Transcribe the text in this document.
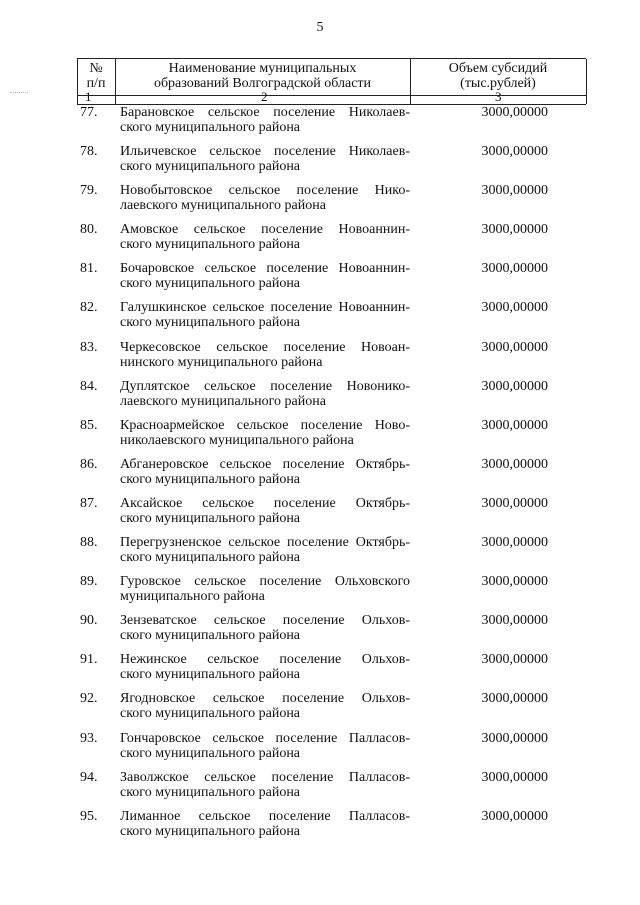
5
№
п/п
Наименование муниципальных
образований Волгоградской области
Объем субсидий
(тыс.рублей)
1	2	3
77. Барановское сельское поселение Николаев-
ского муниципального района
3000,00000
78. Ильичевское сельское поселение Николаев-
ского муниципального района
3000,00000
79. Новобытовское сельское поселение Нико-
лаевского муниципального района
3000,00000
80. Амовское сельское поселение Новоаннин-
ского муниципального района
3000,00000
81. Бочаровское сельское поселение Новоаннин-
ского муниципального района
3000,00000
82. Галушкинское сельское поселение Новоаннин-
ского муниципального района
3000,00000
83. Черкесовское сельское поселение Новоан-
нинского муниципального района
3000,00000
84. Дуплятское сельское поселение Новонико-
лаевского муниципального района
3000,00000
85. Красноармейское сельское поселение Ново-
николаевского муниципального района
3000,00000
86. Абганеровское сельское поселение Октябрь-
ского муниципального района
3000,00000
87. Аксайское сельское поселение Октябрь-
ского муниципального района
3000,00000
88. Перегрузненское сельское поселение Октябрь-
ского муниципального района
3000,00000
89. Гуровское сельское поселение Ольховского
муниципального района
3000,00000
90. Зензеватское сельское поселение Ольхов-
ского муниципального района
3000,00000
91. Нежинское сельское поселение Ольхов-
ского муниципального района
3000,00000
92. Ягодновское сельское поселение Ольхов-
ского муниципального района
3000,00000
93. Гончаровское сельское поселение Палласов-
ского муниципального района
3000,00000
94. Заволжское сельское поселение Палласов-
ского муниципального района
3000,00000
95. Лиманное сельское поселение Палласов-
ского муниципального района
3000,00000
